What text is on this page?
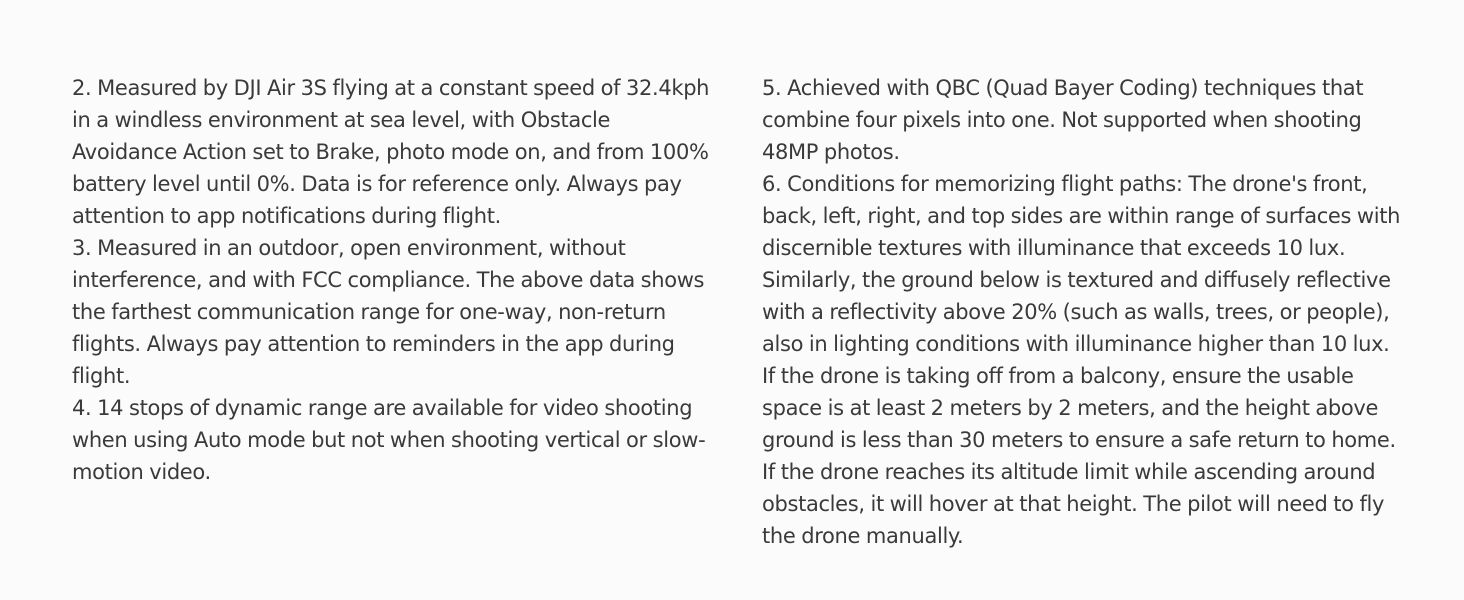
2. Measured by DJI Air 3S flying at a constant speed of 32.4kph in a windless environment at sea level, with Obstacle Avoidance Action set to Brake, photo mode on, and from 100% battery level until 0%. Data is for reference only. Always pay attention to app notifications during flight.

3. Measured in an outdoor, open environment, without interference, and with FCC compliance. The above data shows the farthest communication range for one-way, non-return flights. Always pay attention to reminders in the app during flight.

4. 14 stops of dynamic range are available for video shooting when using Auto mode but not when shooting vertical or slow-motion video.

5. Achieved with QBC (Quad Bayer Coding) techniques that combine four pixels into one. Not supported when shooting 48MP photos.

6. Conditions for memorizing flight paths: The drone's front, back, left, right, and top sides are within range of surfaces with discernible textures with illuminance that exceeds 10 lux. Similarly, the ground below is textured and diffusely reflective with a reflectivity above 20% (such as walls, trees, or people), also in lighting conditions with illuminance higher than 10 lux. If the drone is taking off from a balcony, ensure the usable space is at least 2 meters by 2 meters, and the height above ground is less than 30 meters to ensure a safe return to home. If the drone reaches its altitude limit while ascending around obstacles, it will hover at that height. The pilot will need to fly the drone manually.
